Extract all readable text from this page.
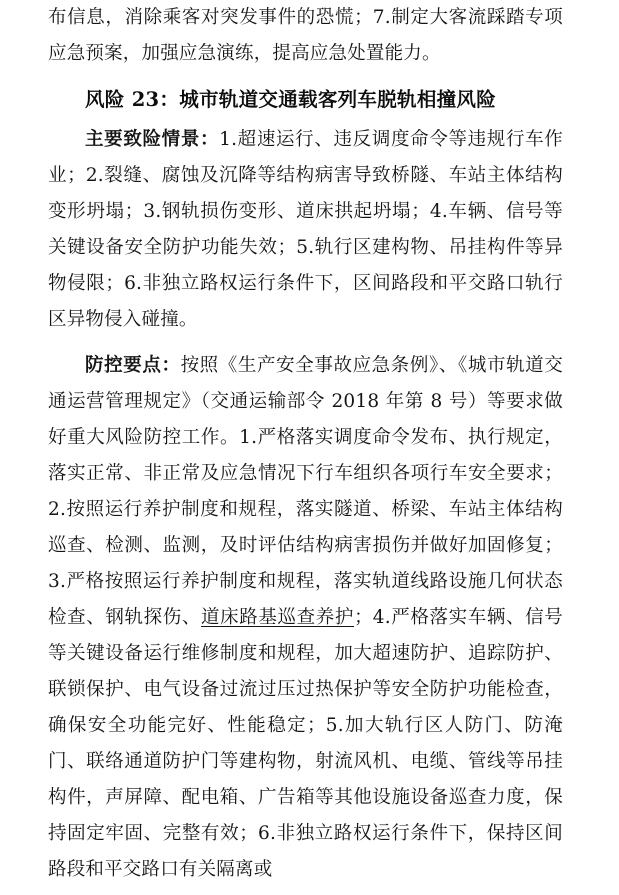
布信息，消除乘客对突发事件的恐慌；7.制定大客流踩踏专项应急预案，加强应急演练，提高应急处置能力。
风险 23：城市轨道交通载客列车脱轨相撞风险
主要致险情景：1.超速运行、违反调度命令等违规行车作业；2.裂缝、腐蚀及沉降等结构病害导致桥隧、车站主体结构变形坍塌；3.钢轨损伤变形、道床拱起坍塌；4.车辆、信号等关键设备安全防护功能失效；5.轨行区建构物、吊挂构件等异物侵限；6.非独立路权运行条件下，区间路段和平交路口轨行区异物侵入碰撞。
防控要点：按照《生产安全事故应急条例》、《城市轨道交通运营管理规定》（交通运输部令 2018 年第 8 号）等要求做好重大风险防控工作。1.严格落实调度命令发布、执行规定，落实正常、非正常及应急情况下行车组织各项行车安全要求；2.按照运行养护制度和规程，落实隧道、桥梁、车站主体结构巡查、检测、监测，及时评估结构病害损伤并做好加固修复；3.严格按照运行养护制度和规程，落实轨道线路设施几何状态检查、钢轨探伤、道床路基巡查养护；4.严格落实车辆、信号等关键设备运行维修制度和规程，加大超速防护、追踪防护、联锁保护、电气设备过流过压过热保护等安全防护功能检查，确保安全功能完好、性能稳定；5.加大轨行区人防门、防淹门、联络通道防护门等建构物，射流风机、电缆、管线等吊挂构件，声屏障、配电箱、广告箱等其他设施设备巡查力度，保持固定牢固、完整有效；6.非独立路权运行条件下，保持区间路段和平交路口有关隔离或
